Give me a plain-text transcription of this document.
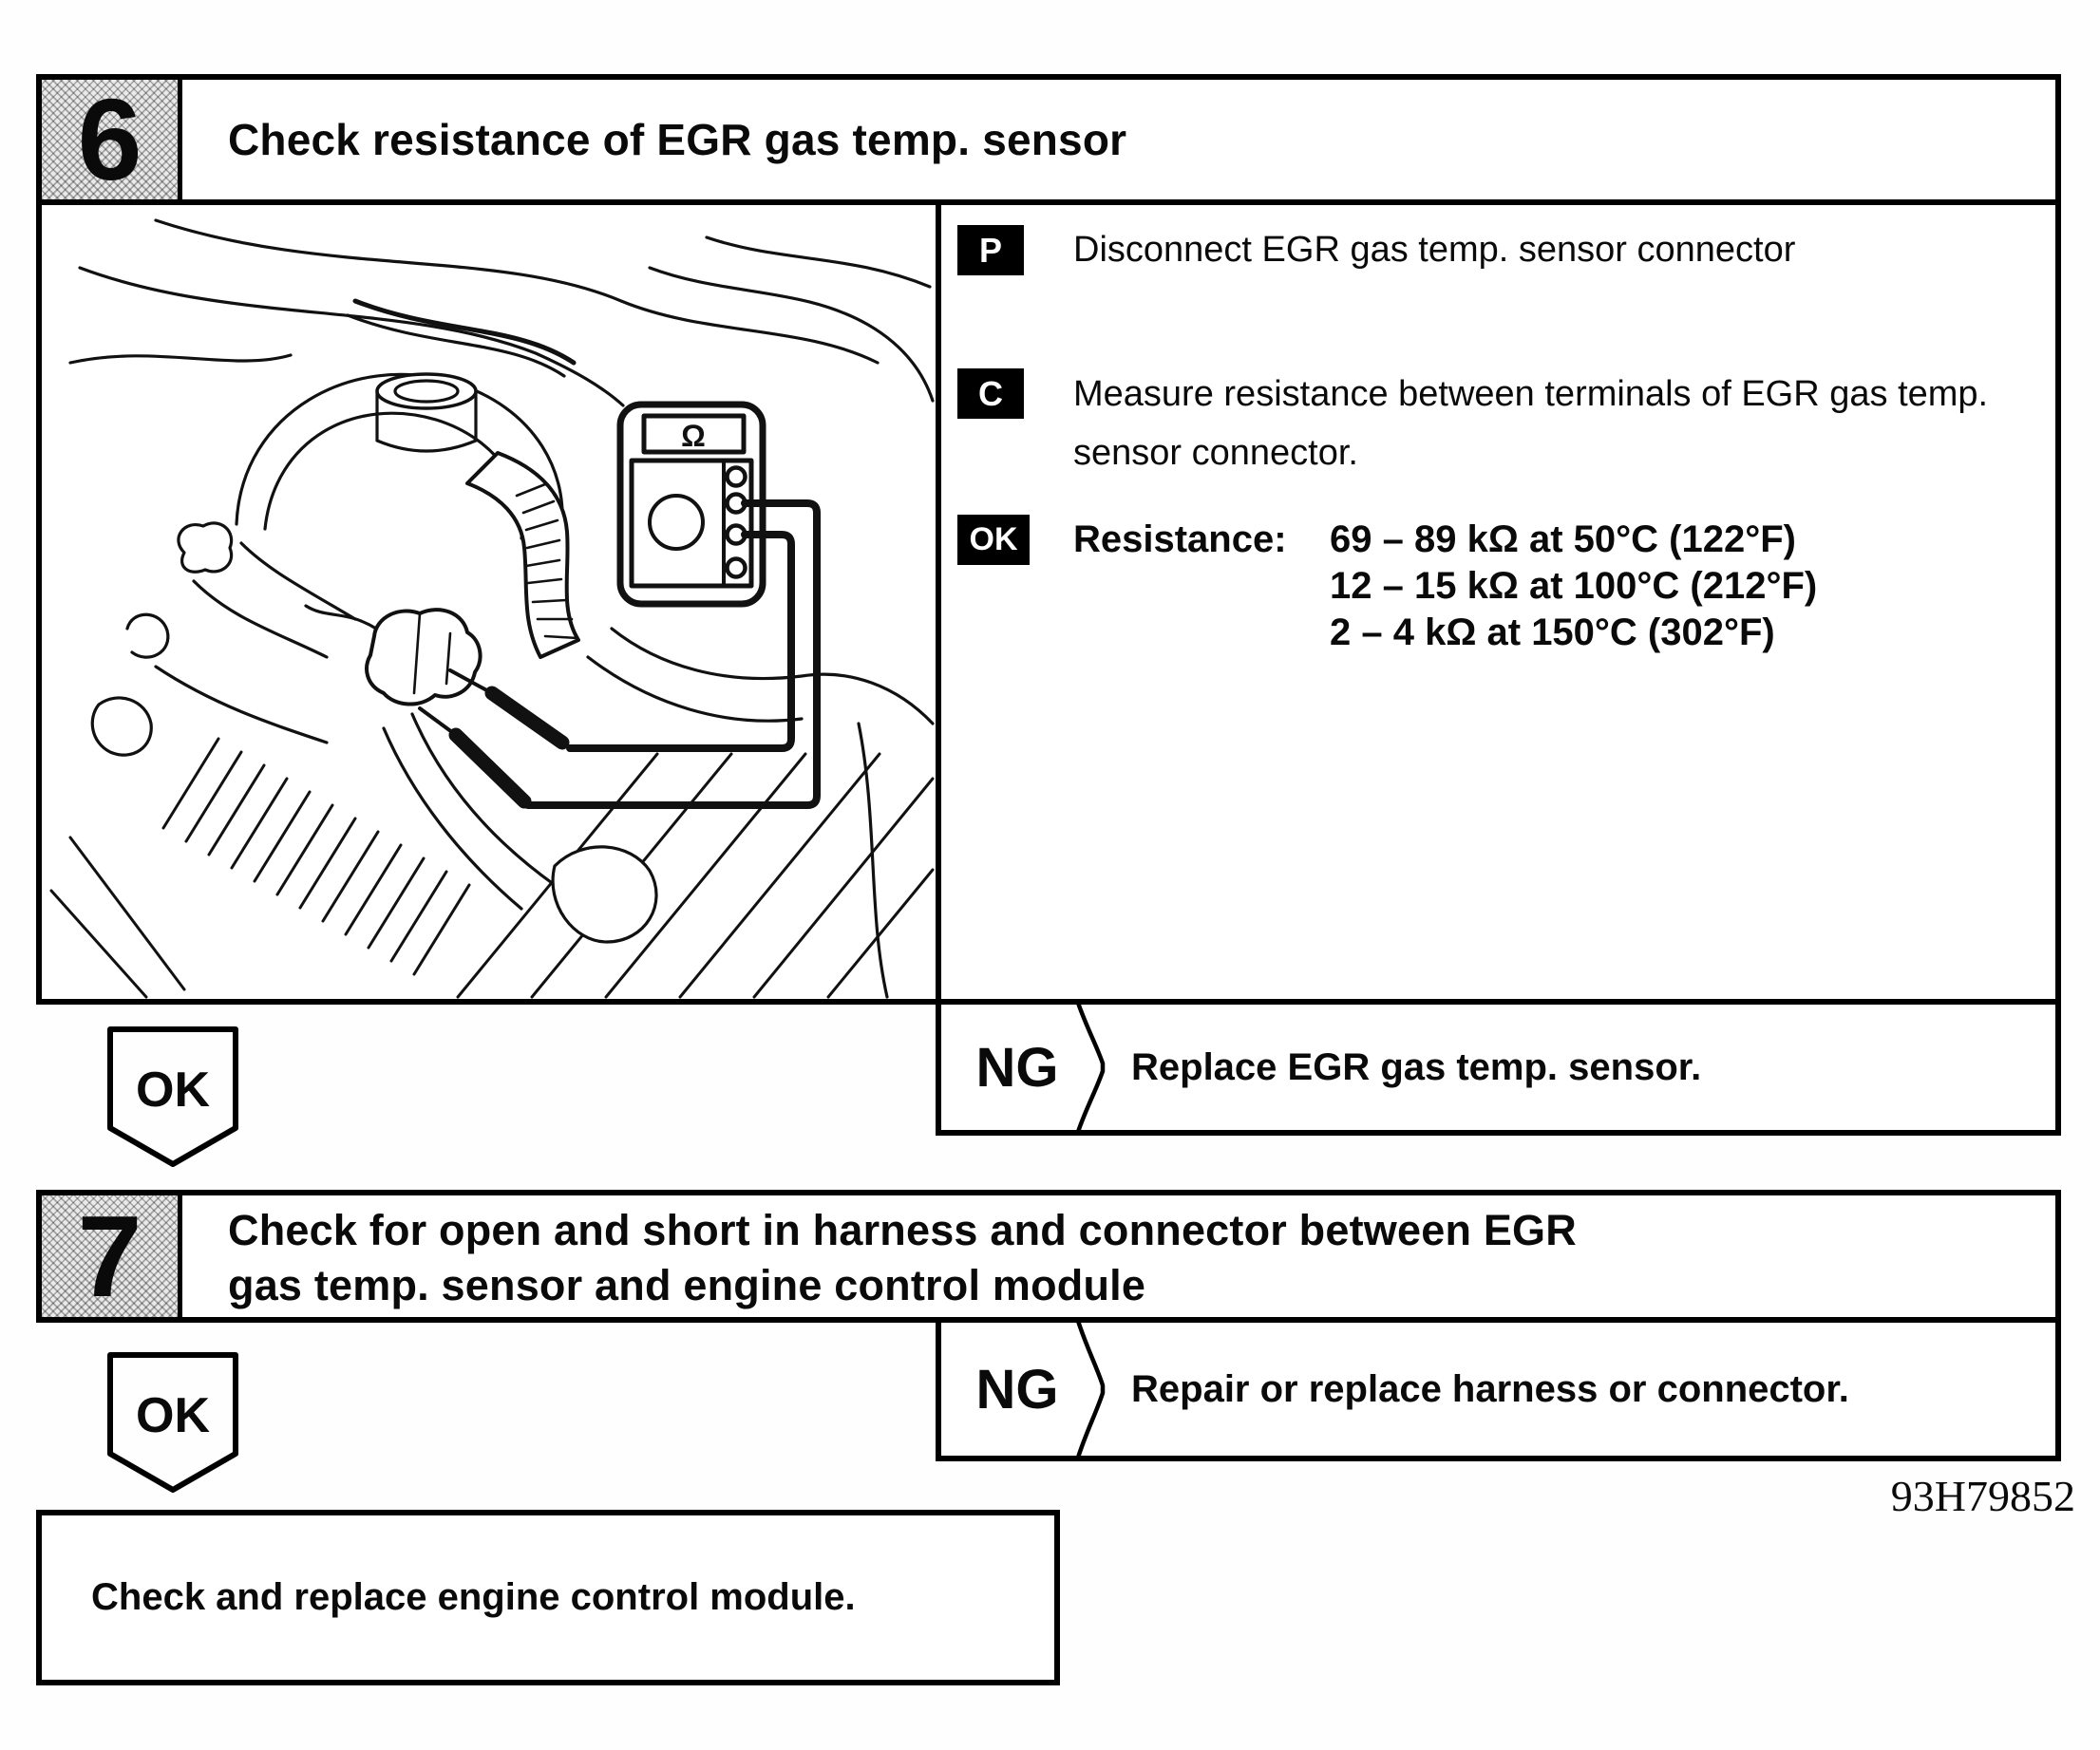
6 Check resistance of EGR gas temp. sensor
Ω
P	Disconnect EGR gas temp. sensor connector
C	Measure resistance between terminals of EGR gas temp. sensor connector.
OK	Resistance: 69 – 89 kΩ at 50°C (122°F)
12 – 15 kΩ at 100°C (212°F)
2 – 4 kΩ at 150°C (302°F)
NG Replace EGR gas temp. sensor.
OK
7 Check for open and short in harness and connector between EGR
gas temp. sensor and engine control module
NG Repair or replace harness or connector.
OK
93H79852
Check and replace engine control module.
